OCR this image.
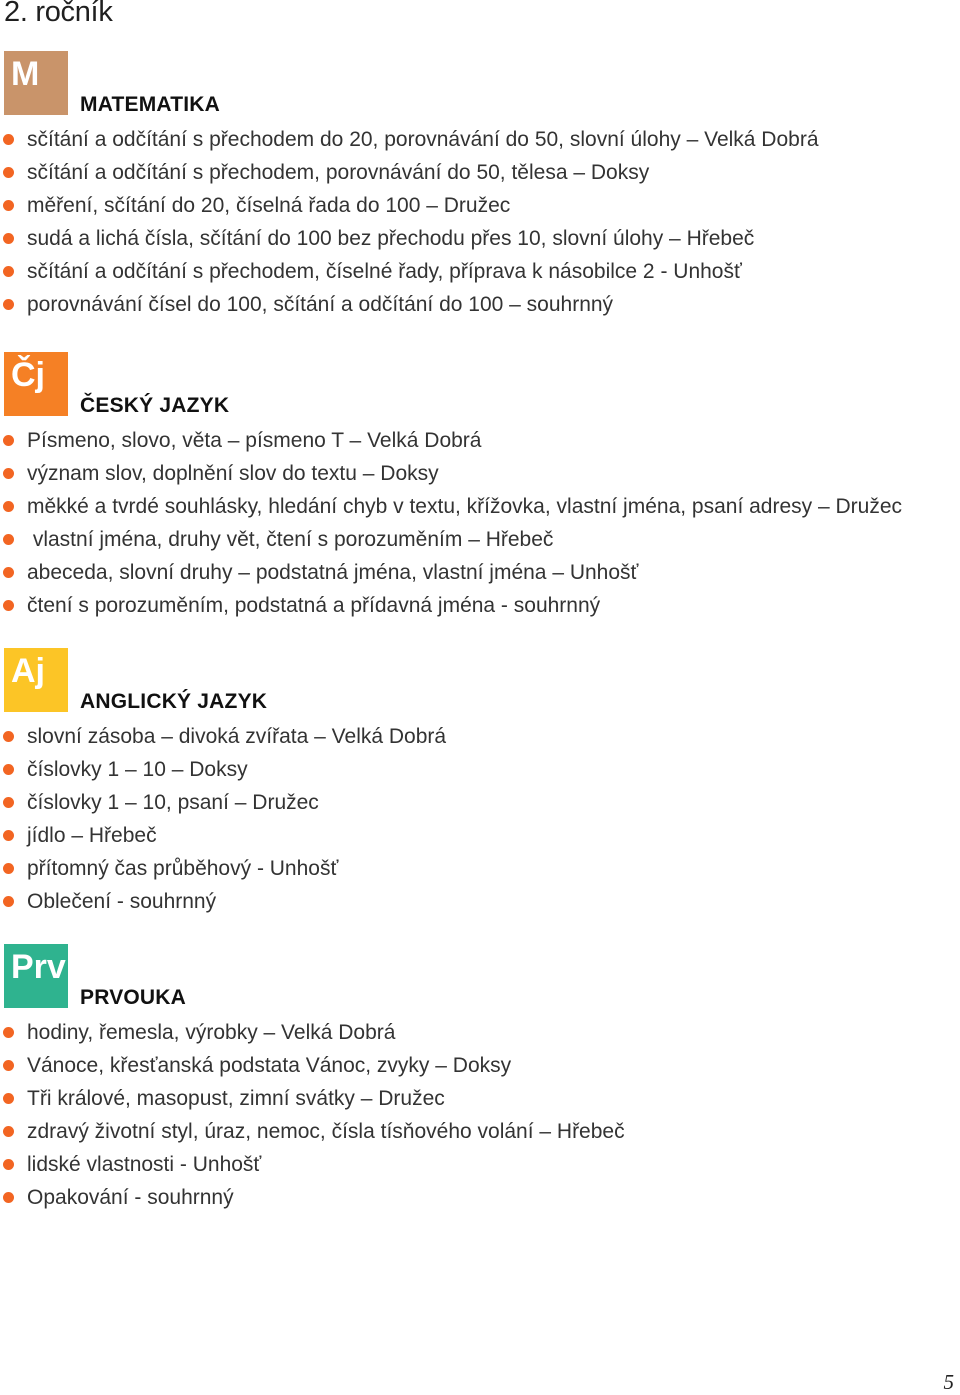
2. ročník
M
MATEMATIKA
sčítání a odčítání s přechodem do 20, porovnávání do 50, slovní úlohy – Velká Dobrá
sčítání a odčítání s přechodem, porovnávání do 50, tělesa – Doksy
měření, sčítání do 20, číselná řada do 100 – Družec
sudá a lichá čísla, sčítání do 100 bez přechodu přes 10, slovní úlohy – Hřebeč
sčítání a odčítání s přechodem, číselné řady, příprava k násobilce 2 - Unhošť
porovnávání čísel do 100, sčítání a odčítání do 100 – souhrnný
Čj
ČESKÝ JAZYK
Písmeno, slovo, věta – písmeno T – Velká Dobrá
význam slov, doplnění slov do textu – Doksy
měkké a tvrdé souhlásky, hledání chyb v textu, křížovka, vlastní jména, psaní adresy – Družec
vlastní jména, druhy vět, čtení s porozuměním – Hřebeč
abeceda, slovní druhy – podstatná jména, vlastní jména – Unhošť
čtení s porozuměním, podstatná a přídavná jména - souhrnný
Aj
ANGLICKÝ JAZYK
slovní zásoba – divoká zvířata – Velká Dobrá
číslovky 1 – 10 – Doksy
číslovky 1 – 10, psaní – Družec
jídlo – Hřebeč
přítomný čas průběhový - Unhošť
Oblečení - souhrnný
Prv
PRVOUKA
hodiny, řemesla, výrobky – Velká Dobrá
Vánoce, křesťanská podstata Vánoc, zvyky – Doksy
Tři králové, masopust, zimní svátky – Družec
zdravý životní styl, úraz, nemoc, čísla tísňového volání – Hřebeč
lidské vlastnosti - Unhošť
Opakování - souhrnný
5
